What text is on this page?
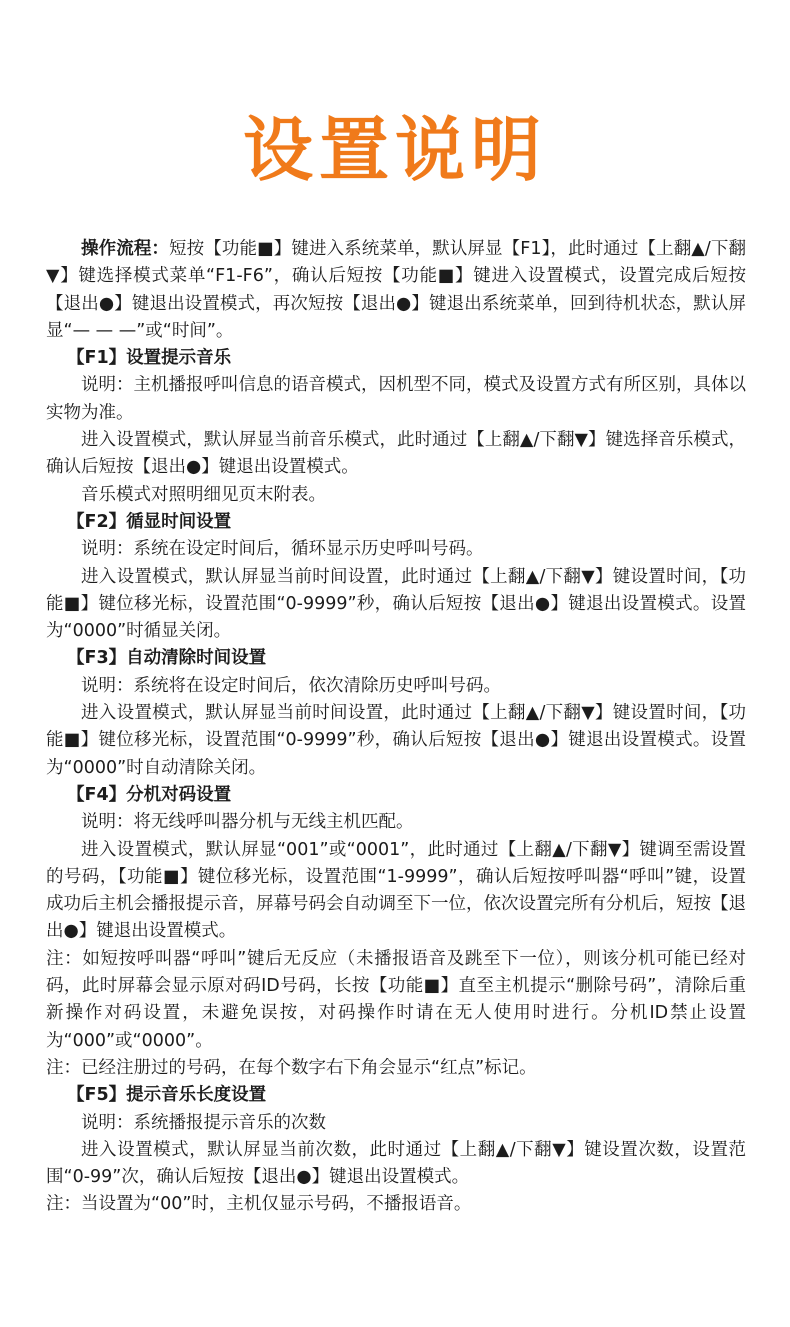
设置说明

操作流程：短按【功能■】键进入系统菜单，默认屏显【F1】，此时通过【上翻▲/下翻▼】键选择模式菜单“F1-F6”，确认后短按【功能■】键进入设置模式，设置完成后短按【退出●】键退出设置模式，再次短按【退出●】键退出系统菜单，回到待机状态，默认屏显“— — —”或“时间”。

【F1】设置提示音乐

说明：主机播报呼叫信息的语音模式，因机型不同，模式及设置方式有所区别，具体以实物为准。

进入设置模式，默认屏显当前音乐模式，此时通过【上翻▲/下翻▼】键选择音乐模式，确认后短按【退出●】键退出设置模式。

音乐模式对照明细见页末附表。

【F2】循显时间设置

说明：系统在设定时间后，循环显示历史呼叫号码。

进入设置模式，默认屏显当前时间设置，此时通过【上翻▲/下翻▼】键设置时间，【功能■】键位移光标，设置范围“0-9999”秒，确认后短按【退出●】键退出设置模式。设置为“0000”时循显关闭。

【F3】自动清除时间设置

说明：系统将在设定时间后，依次清除历史呼叫号码。

进入设置模式，默认屏显当前时间设置，此时通过【上翻▲/下翻▼】键设置时间，【功能■】键位移光标，设置范围“0-9999”秒，确认后短按【退出●】键退出设置模式。设置为“0000”时自动清除关闭。

【F4】分机对码设置

说明：将无线呼叫器分机与无线主机匹配。

进入设置模式，默认屏显“001”或“0001”，此时通过【上翻▲/下翻▼】键调至需设置的号码，【功能■】键位移光标，设置范围“1-9999”，确认后短按呼叫器“呼叫”键，设置成功后主机会播报提示音，屏幕号码会自动调至下一位，依次设置完所有分机后，短按【退出●】键退出设置模式。

注：如短按呼叫器“呼叫”键后无反应（未播报语音及跳至下一位），则该分机可能已经对码，此时屏幕会显示原对码ID号码，长按【功能■】直至主机提示“删除号码”，清除后重新操作对码设置，未避免误按，对码操作时请在无人使用时进行。分机ID禁止设置为“000”或“0000”。

注：已经注册过的号码，在每个数字右下角会显示“红点”标记。

【F5】提示音乐长度设置

说明：系统播报提示音乐的次数

进入设置模式，默认屏显当前次数，此时通过【上翻▲/下翻▼】键设置次数，设置范围“0-99”次，确认后短按【退出●】键退出设置模式。

注：当设置为“00”时，主机仅显示号码，不播报语音。
